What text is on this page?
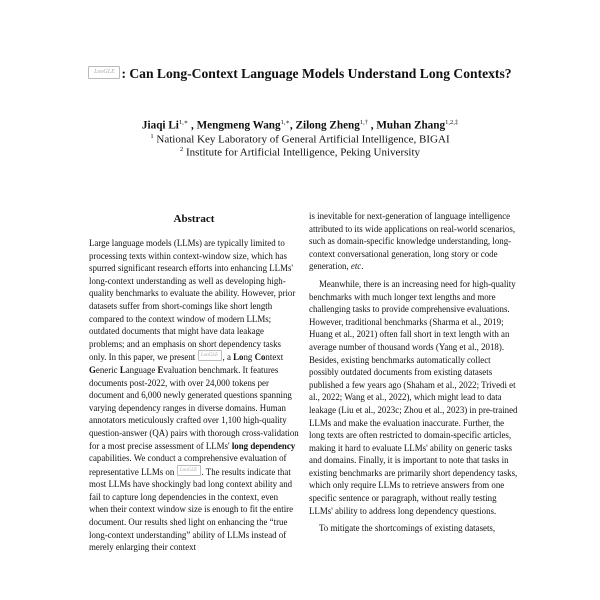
LooGLE : Can Long-Context Language Models Understand Long Contexts?
Jiaqi $Li^{1,∗}$ , Mengmeng Wang$^{1,∗}$, Zilong Zheng$^{1,\dagger}$ , Muhan Zhang$^{1,2,\ddagger}$
$^1$ National Key Laboratory of General Artificial Intelligence, BIGAI
$^2$ Institute for Artificial Intelligence, Peking University
Abstract

Large language models (LLMs) are typically limited to processing texts within context-window size, which has spurred significant research efforts into enhancing LLMs' long-context understanding as well as developing high-quality benchmarks to evaluate the ability. However, prior datasets suffer from short-comings like short length compared to the context window of modern LLMs; outdated documents that might have data leakage problems; and an emphasis on short dependency tasks only. In this paper, we present LooGLE , a Long Context Generic Language Evaluation benchmark. It features documents post-2022, with over 24,000 tokens per document and 6,000 newly generated questions spanning varying dependency ranges in diverse domains. Human annotators meticulously crafted over 1,100 high-quality question-answer (QA) pairs with thorough cross-validation for a most precise assessment of LLMs' long dependency capabilities. We conduct a comprehensive evaluation of representative LLMs on LooGLE . The results indicate that most LLMs have shockingly bad long context ability and fail to capture long dependencies in the context, even when their context window size is enough to fit the entire document. Our results shed light on enhancing the “true long-context understanding” ability of LLMs instead of merely enlarging their context

is inevitable for next-generation of language intelligence attributed to its wide applications on real-world scenarios, such as domain-specific knowledge understanding, long-context conversational generation, long story or code generation, etc.

Meanwhile, there is an increasing need for high-quality benchmarks with much longer text lengths and more challenging tasks to provide comprehensive evaluations. However, traditional benchmarks (Sharma et al., 2019; Huang et al., 2021) often fall short in text length with an average number of thousand words (Yang et al., 2018). Besides, existing benchmarks automatically collect possibly outdated documents from existing datasets published a few years ago (Shaham et al., 2022; Trivedi et al., 2022; Wang et al., 2022), which might lead to data leakage (Liu et al., 2023c; Zhou et al., 2023) in pre-trained LLMs and make the evaluation inaccurate. Further, the long texts are often restricted to domain-specific articles, making it hard to evaluate LLMs' ability on generic tasks and domains. Finally, it is important to note that tasks in existing benchmarks are primarily short dependency tasks, which only require LLMs to retrieve answers from one specific sentence or paragraph, without really testing LLMs' ability to address long dependency questions.

To mitigate the shortcomings of existing datasets,
